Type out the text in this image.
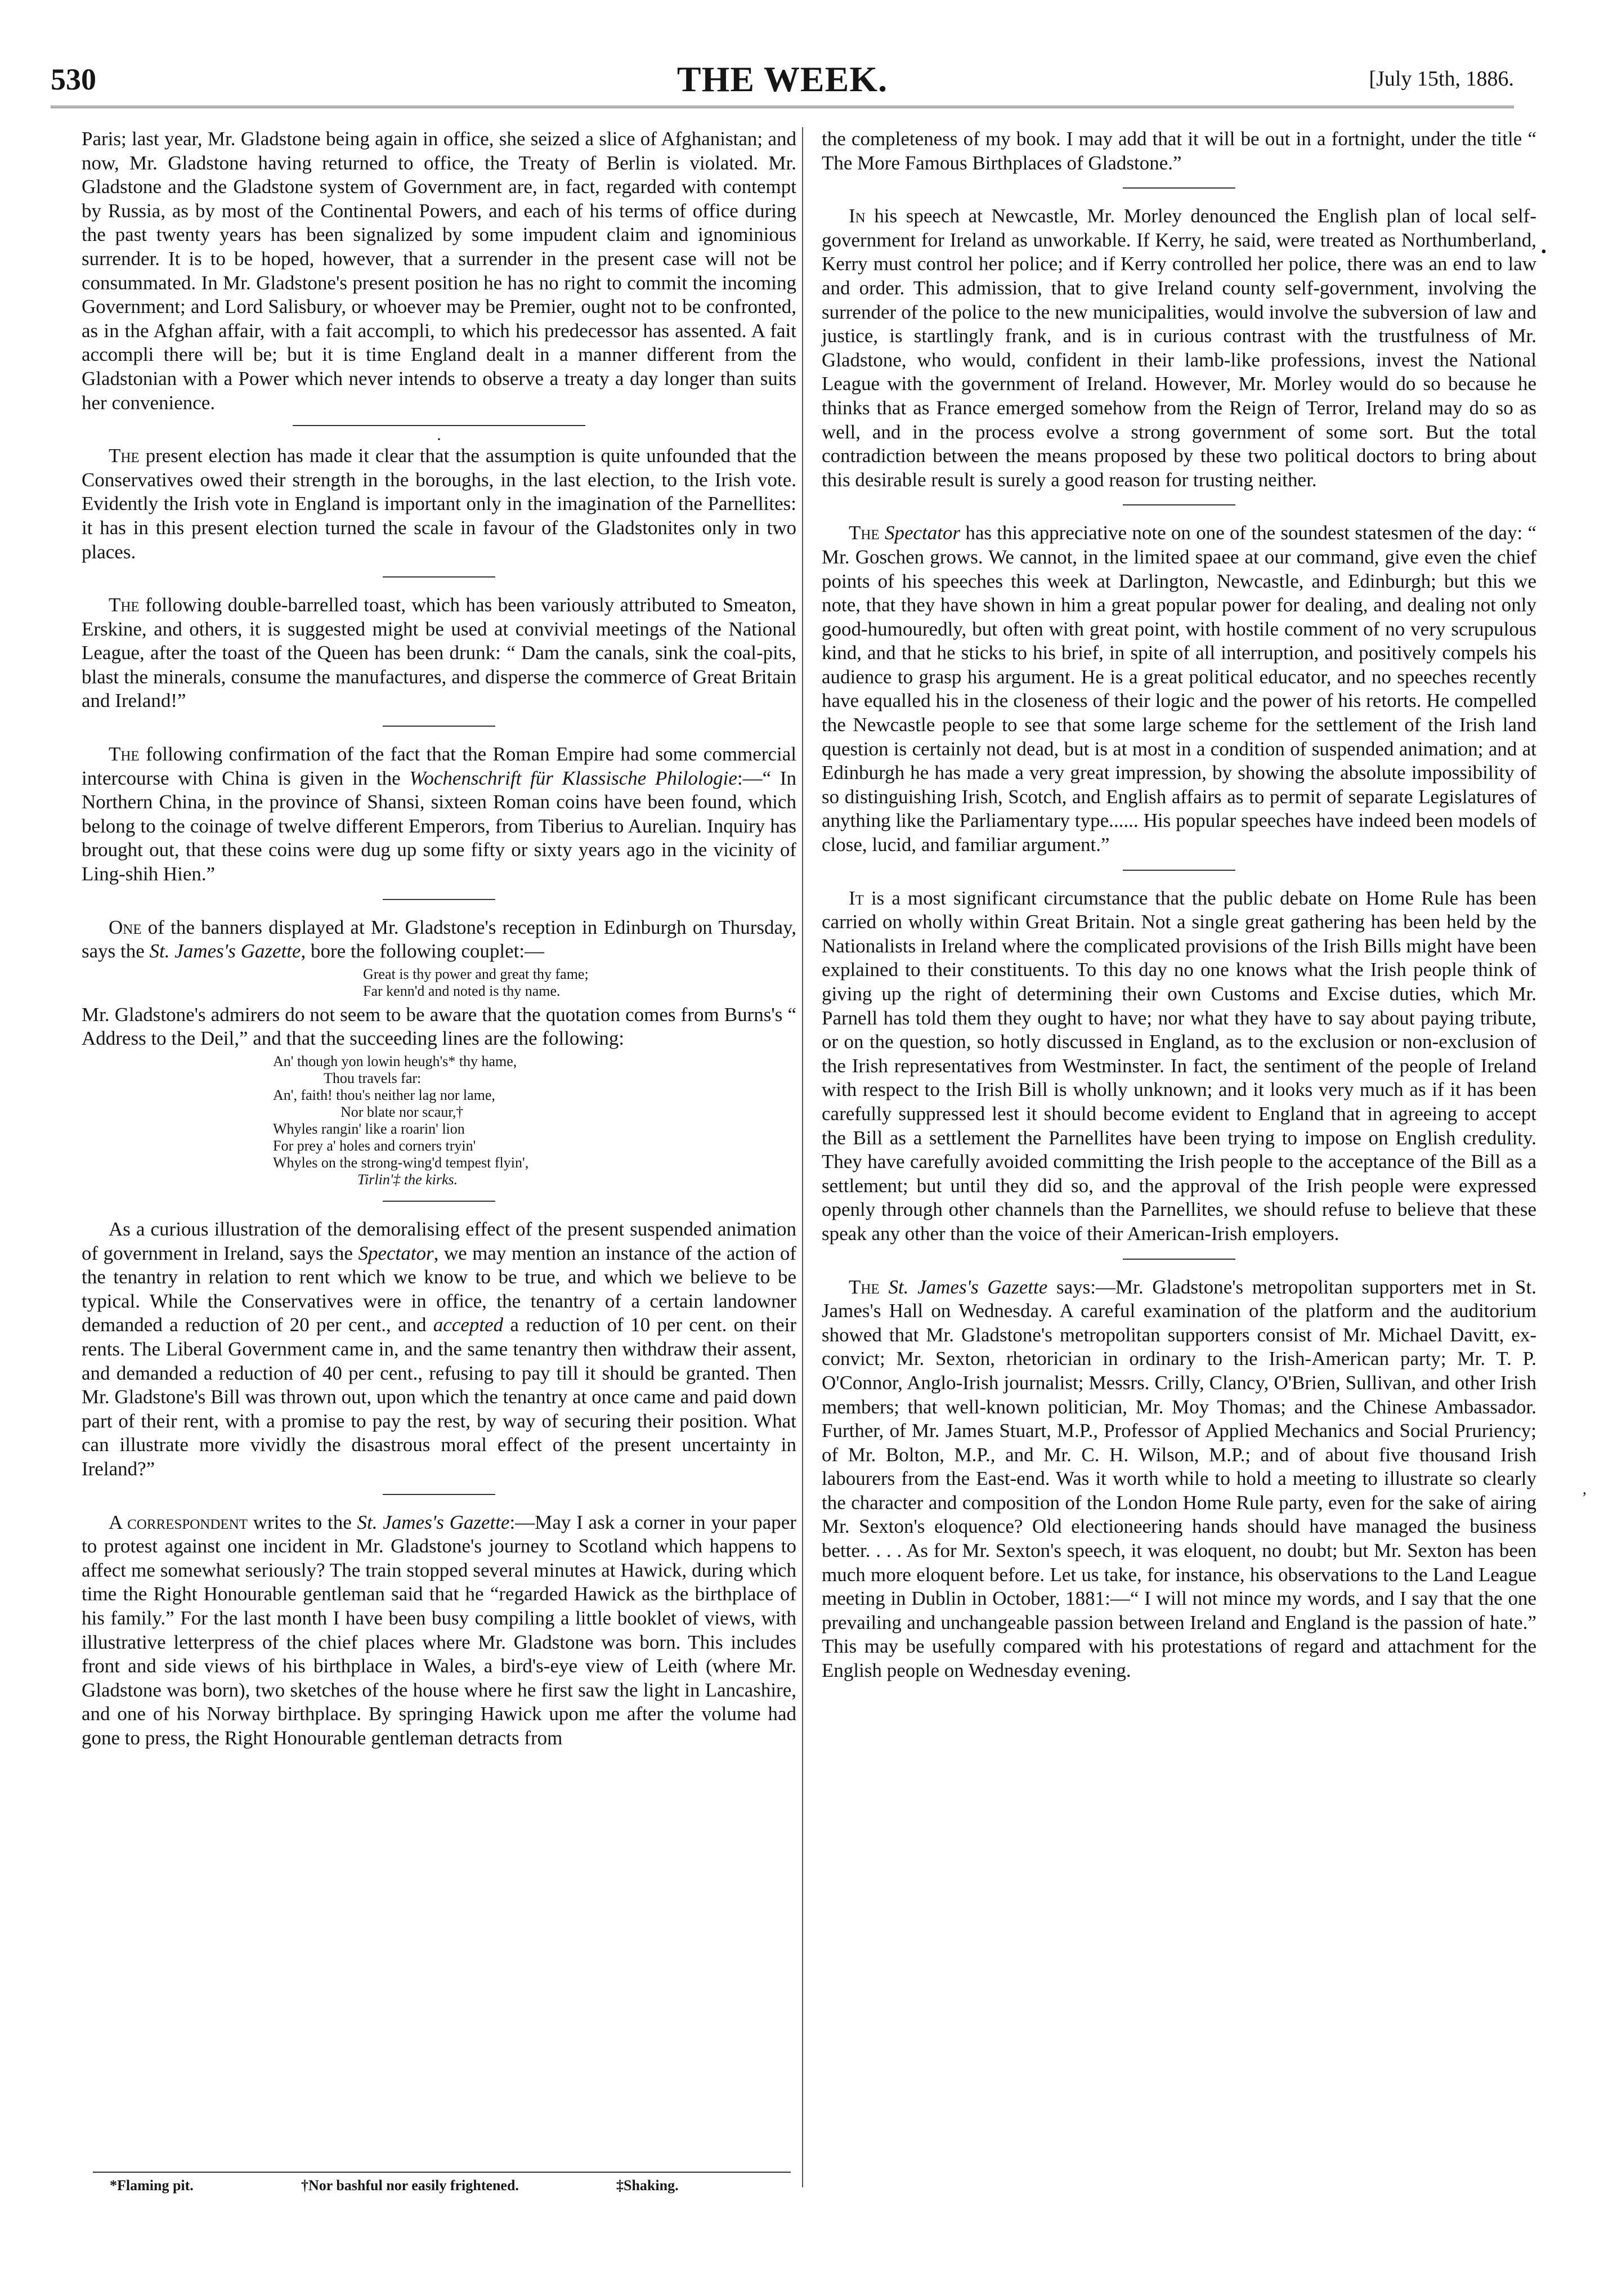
THE WEEK.
530	[July 15th, 1886.

Paris; last year, Mr. Gladstone being again in office, she seized a slice of Afghanistan; and now, Mr. Gladstone having returned to office, the Treaty of Berlin is violated. Mr. Gladstone and the Gladstone system of Government are, in fact, regarded with contempt by Russia, as by most of the Continental Powers, and each of his terms of office during the past twenty years has been signalized by some impudent claim and ignominious surrender. It is to be hoped, however, that a surrender in the present case will not be consummated. In Mr. Gladstone's present position he has no right to commit the incoming Government; and Lord Salisbury, or whoever may be Premier, ought not to be confronted, as in the Afghan affair, with a fait accompli, to which his predecessor has assented. A fait accompli there will be; but it is time England dealt in a manner different from the Gladstonian with a Power which never intends to observe a treaty a day longer than suits her convenience.

·

The present election has made it clear that the assumption is quite unfounded that the Conservatives owed their strength in the boroughs, in the last election, to the Irish vote. Evidently the Irish vote in England is important only in the imagination of the Parnellites: it has in this present election turned the scale in favour of the Gladstonites only in two places.

The following double-barrelled toast, which has been variously attributed to Smeaton, Erskine, and others, it is suggested might be used at convivial meetings of the National League, after the toast of the Queen has been drunk: “ Dam the canals, sink the coal-pits, blast the minerals, consume the manufactures, and disperse the commerce of Great Britain and Ireland!”

The following confirmation of the fact that the Roman Empire had some commercial intercourse with China is given in the Wochenschrift für Klassische Philologie:—“ In Northern China, in the province of Shansi, sixteen Roman coins have been found, which belong to the coinage of twelve different Emperors, from Tiberius to Aurelian. Inquiry has brought out, that these coins were dug up some fifty or sixty years ago in the vicinity of Ling-shih Hien.”

One of the banners displayed at Mr. Gladstone's reception in Edinburgh on Thursday, says the St. James's Gazette, bore the following couplet:—

Great is thy power and great thy fame;
Far kenn'd and noted is thy name.

Mr. Gladstone's admirers do not seem to be aware that the quotation comes from Burns's “ Address to the Deil,” and that the succeeding lines are the following:

An' though yon lowin heugh's* thy hame,
Thou travels far:
An', faith! thou's neither lag nor lame,
Nor blate nor scaur,†
Whyles rangin' like a roarin' lion
For prey a' holes and corners tryin'
Whyles on the strong-wing'd tempest flyin',
Tirlin'‡ the kirks.

As a curious illustration of the demoralising effect of the present suspended animation of government in Ireland, says the Spectator, we may mention an instance of the action of the tenantry in relation to rent which we know to be true, and which we believe to be typical. While the Conservatives were in office, the tenantry of a certain landowner demanded a reduction of 20 per cent., and accepted a reduction of 10 per cent. on their rents. The Liberal Government came in, and the same tenantry then withdraw their assent, and demanded a reduction of 40 per cent., refusing to pay till it should be granted. Then Mr. Gladstone's Bill was thrown out, upon which the tenantry at once came and paid down part of their rent, with a promise to pay the rest, by way of securing their position. What can illustrate more vividly the disastrous moral effect of the present uncertainty in Ireland?”

A correspondent writes to the St. James's Gazette:—May I ask a corner in your paper to protest against one incident in Mr. Gladstone's journey to Scotland which happens to affect me somewhat seriously? The train stopped several minutes at Hawick, during which time the Right Honourable gentleman said that he “regarded Hawick as the birthplace of his family.” For the last month I have been busy compiling a little booklet of views, with illustrative letterpress of the chief places where Mr. Gladstone was born. This includes front and side views of his birthplace in Wales, a bird's-eye view of Leith (where Mr. Gladstone was born), two sketches of the house where he first saw the light in Lancashire, and one of his Norway birthplace. By springing Hawick upon me after the volume had gone to press, the Right Honourable gentleman detracts from

*Flaming pit.	†Nor bashful nor easily frightened.	‡Shaking.

the completeness of my book. I may add that it will be out in a fortnight, under the title “ The More Famous Birthplaces of Gladstone.”

In his speech at Newcastle, Mr. Morley denounced the English plan of local self-government for Ireland as unworkable. If Kerry, he said, were treated as Northumberland, Kerry must control her police; and if Kerry controlled her police, there was an end to law and order. This admission, that to give Ireland county self-government, involving the surrender of the police to the new municipalities, would involve the subversion of law and justice, is startlingly frank, and is in curious contrast with the trustfulness of Mr. Gladstone, who would, confident in their lamb-like professions, invest the National League with the government of Ireland. However, Mr. Morley would do so because he thinks that as France emerged somehow from the Reign of Terror, Ireland may do so as well, and in the process evolve a strong government of some sort. But the total contradiction between the means proposed by these two political doctors to bring about this desirable result is surely a good reason for trusting neither.

The Spectator has this appreciative note on one of the soundest statesmen of the day: “ Mr. Goschen grows. We cannot, in the limited spaee at our command, give even the chief points of his speeches this week at Darlington, Newcastle, and Edinburgh; but this we note, that they have shown in him a great popular power for dealing, and dealing not only good-humouredly, but often with great point, with hostile comment of no very scrupulous kind, and that he sticks to his brief, in spite of all interruption, and positively compels his audience to grasp his argument. He is a great political educator, and no speeches recently have equalled his in the closeness of their logic and the power of his retorts. He compelled the Newcastle people to see that some large scheme for the settlement of the Irish land question is certainly not dead, but is at most in a condition of suspended animation; and at Edinburgh he has made a very great impression, by showing the absolute impossibility of so distinguishing Irish, Scotch, and English affairs as to permit of separate Legislatures of anything like the Parliamentary type...... His popular speeches have indeed been models of close, lucid, and familiar argument.”

It is a most significant circumstance that the public debate on Home Rule has been carried on wholly within Great Britain. Not a single great gathering has been held by the Nationalists in Ireland where the complicated provisions of the Irish Bills might have been explained to their constituents. To this day no one knows what the Irish people think of giving up the right of determining their own Customs and Excise duties, which Mr. Parnell has told them they ought to have; nor what they have to say about paying tribute, or on the question, so hotly discussed in England, as to the exclusion or non-exclusion of the Irish representatives from Westminster. In fact, the sentiment of the people of Ireland with respect to the Irish Bill is wholly unknown; and it looks very much as if it has been carefully suppressed lest it should become evident to England that in agreeing to accept the Bill as a settlement the Parnellites have been trying to impose on English credulity. They have carefully avoided committing the Irish people to the acceptance of the Bill as a settlement; but until they did so, and the approval of the Irish people were expressed openly through other channels than the Parnellites, we should refuse to believe that these speak any other than the voice of their American-Irish employers.

The St. James's Gazette says:—Mr. Gladstone's metropolitan supporters met in St. James's Hall on Wednesday. A careful examination of the platform and the auditorium showed that Mr. Gladstone's metropolitan supporters consist of Mr. Michael Davitt, ex-convict; Mr. Sexton, rhetorician in ordinary to the Irish-American party; Mr. T. P. O'Connor, Anglo-Irish journalist; Messrs. Crilly, Clancy, O'Brien, Sullivan, and other Irish members; that well-known politician, Mr. Moy Thomas; and the Chinese Ambassador. Further, of Mr. James Stuart, M.P., Professor of Applied Mechanics and Social Pruriency; of Mr. Bolton, M.P., and Mr. C. H. Wilson, M.P.; and of about five thousand Irish labourers from the East-end. Was it worth while to hold a meeting to illustrate so clearly the character and composition of the London Home Rule party, even for the sake of airing Mr. Sexton's eloquence? Old electioneering hands should have managed the business better. . . . As for Mr. Sexton's speech, it was eloquent, no doubt; but Mr. Sexton has been much more eloquent before. Let us take, for instance, his observations to the Land League meeting in Dublin in October, 1881:—“ I will not mince my words, and I say that the one prevailing and unchangeable passion between Ireland and England is the passion of hate.” This may be usefully compared with his protestations of regard and attachment for the English people on Wednesday evening.

•
,
